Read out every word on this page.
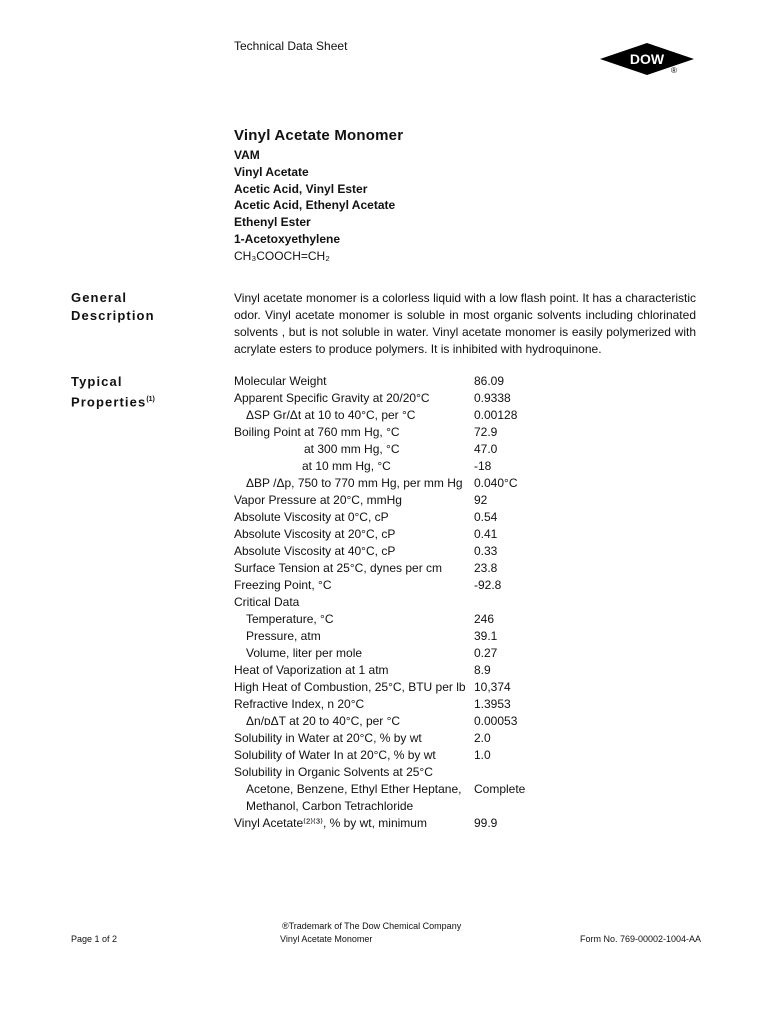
Technical Data Sheet
DOW
®
Vinyl Acetate Monomer
VAM
Vinyl Acetate
Acetic Acid, Vinyl Ester
Acetic Acid, Ethenyl Acetate
Ethenyl Ester
1-Acetoxyethylene
CH₃COOCH=CH₂
General
Description
Vinyl acetate monomer is a colorless liquid with a low flash point. It has a characteristic odor. Vinyl acetate monomer is soluble in most organic solvents including chlorinated solvents , but is not soluble in water. Vinyl acetate monomer is easily polymerized with acrylate esters to produce polymers. It is inhibited with hydroquinone.
Typical
Properties$^{(1)}$
Molecular Weight	86.09
Apparent Specific Gravity at 20/20°C	0.9338
ΔSP Gr/Δt at 10 to 40°C, per °C	0.00128
Boiling Point at 760 mm Hg, °C	72.9
at 300 mm Hg, °C	47.0
at 10 mm Hg, °C	-18
ΔBP /Δp, 750 to 770 mm Hg, per mm Hg 0.040°C
Vapor Pressure at 20°C, mmHg	92
Absolute Viscosity at 0°C, cP	0.54
Absolute Viscosity at 20°C, cP	0.41
Absolute Viscosity at 40°C, cP	0.33
Surface Tension at 25°C, dynes per cm	23.8
Freezing Point, °C	-92.8
Critical Data
Temperature, °C	246
Pressure, atm	39.1
Volume, liter per mole	0.27
Heat of Vaporization at 1 atm	8.9
High Heat of Combustion, 25°C, BTU per lb 10,374
Refractive Index, n 20°C	1.3953
Δn/ᴅΔT at 20 to 40°C, per °C	0.00053
Solubility in Water at 20°C, % by wt	2.0
Solubility of Water In at 20°C, % by wt	1.0
Solubility in Organic Solvents at 25°C
Acetone, Benzene, Ethyl Ether Heptane, Complete
Methanol, Carbon Tetrachloride
Vinyl Acetate⁽²⁾⁽³⁾, % by wt, minimum	99.9
®Trademark of The Dow Chemical Company
Page 1 of 2	Vinyl Acetate Monomer	Form No. 769-00002-1004-AA
